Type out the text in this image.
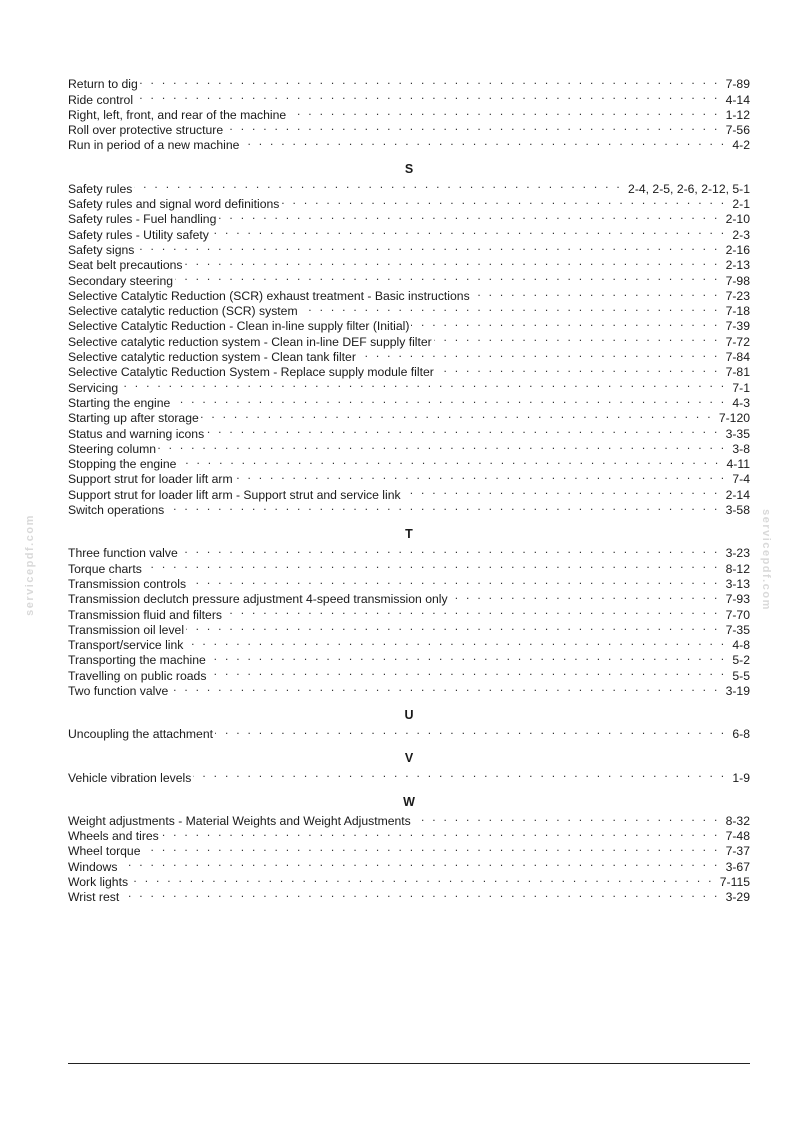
servicepdf.com	servicepdf.com
Return to dig . . .	7-89
Ride control . . .	4-14
Right, left, front, and rear of the machine . . .	1-12
Roll over protective structure . . .	7-56
Run in period of a new machine . . .	4-2
S
Safety rules . . .	2-4, 2-5, 2-6, 2-12, 5-1
Safety rules and signal word definitions . . .	2-1
Safety rules - Fuel handling . . .	2-10
Safety rules - Utility safety . . .	2-3
Safety signs . . .	2-16
Seat belt precautions . . .	2-13
Secondary steering . . .	7-98
Selective Catalytic Reduction (SCR) exhaust treatment - Basic instructions . . .	7-23
Selective catalytic reduction (SCR) system . . .	7-18
Selective Catalytic Reduction - Clean in-line supply filter (Initial) . . .	7-39
Selective catalytic reduction system - Clean in-line DEF supply filter . . .	7-72
Selective catalytic reduction system - Clean tank filter . . .	7-84
Selective Catalytic Reduction System - Replace supply module filter . . .	7-81
Servicing . . .	7-1
Starting the engine . . .	4-3
Starting up after storage . . .	7-120
Status and warning icons . . .	3-35
Steering column . . .	3-8
Stopping the engine . . .	4-11
Support strut for loader lift arm . . .	7-4
Support strut for loader lift arm - Support strut and service link . . .	2-14
Switch operations . . .	3-58
T
Three function valve . . .	3-23
Torque charts . . .	8-12
Transmission controls . . .	3-13
Transmission declutch pressure adjustment 4-speed transmission only . . .	7-93
Transmission fluid and filters . . .	7-70
Transmission oil level . . .	7-35
Transport/service link . . .	4-8
Transporting the machine . . .	5-2
Travelling on public roads . . .	5-5
Two function valve . . .	3-19
U
Uncoupling the attachment . . .	6-8
V
Vehicle vibration levels . . .	1-9
W
Weight adjustments - Material Weights and Weight Adjustments . . .	8-32
Wheels and tires . . .	7-48
Wheel torque . . .	7-37
Windows . . .	3-67
Work lights . . .	7-115
Wrist rest . . .	3-29
